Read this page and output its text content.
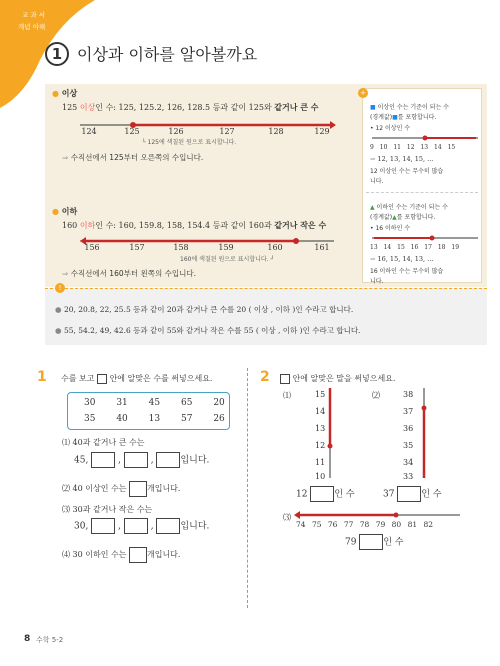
교 과 서
개념 이해
1 이상과 이하를 알아볼까요
+
● 이상
125 이상인 수: 125, 125.2, 126, 128.5 등과 같이 125와 같거나 큰 수
124	125	126	127	128	129
└ 125에 색칠된 원으로 표시합니다.
⇒ 수직선에서 125부터 오른쪽의 수입니다.
● 이하
160 이하인 수: 160, 159.8, 158, 154.4 등과 같이 160과 같거나 작은 수
156	157	158	159	160	161
160에 색칠된 원으로 표시합니다. ┘
⇒ 수직선에서 160부터 왼쪽의 수입니다.
■ 이상인 수는 기준이 되는 수
(경계값)■를 포함합니다.
• 12 이상인 수
9 10 11 12 13 14 15
⇒ 12, 13, 14, 15, ...
12 이상인 수는 무수히 많습
니다.
▲ 이하인 수는 기준이 되는 수
(경계값)▲를 포함합니다.
• 16 이하인 수
13 14 15 16 17 18 19
⇒ 16, 15, 14, 13, ...
16 이하인 수는 무수히 많습
니다.
!
● 20, 20.8, 22, 25.5 등과 같이 20과 같거나 큰 수를 20 ( 이상 , 이하 )인 수라고 합니다.
● 55, 54.2, 49, 42.6 등과 같이 55와 같거나 작은 수를 55 ( 이상 , 이하 )인 수라고 합니다.
1 수를 보고 안에 알맞은 수를 써넣으세요.
30 31 45 65 20
35 40 13 57 26
⑴ 40과 같거나 큰 수는
45,	,	,	입니다.
⑵ 40 이상인 수는	개입니다.
⑶ 30과 같거나 작은 수는
30,	,	,	입니다.
⑷ 30 이하인 수는	개입니다.
2	안에 알맞은 말을 써넣으세요.
⑴	⑵
15
14
13
12
11
10
38
37
36
35
34
33
12	인 수	37	인 수
⑶
74 75 76 77 78 79 80 81 82
79	인 수
8 수학 5-2
